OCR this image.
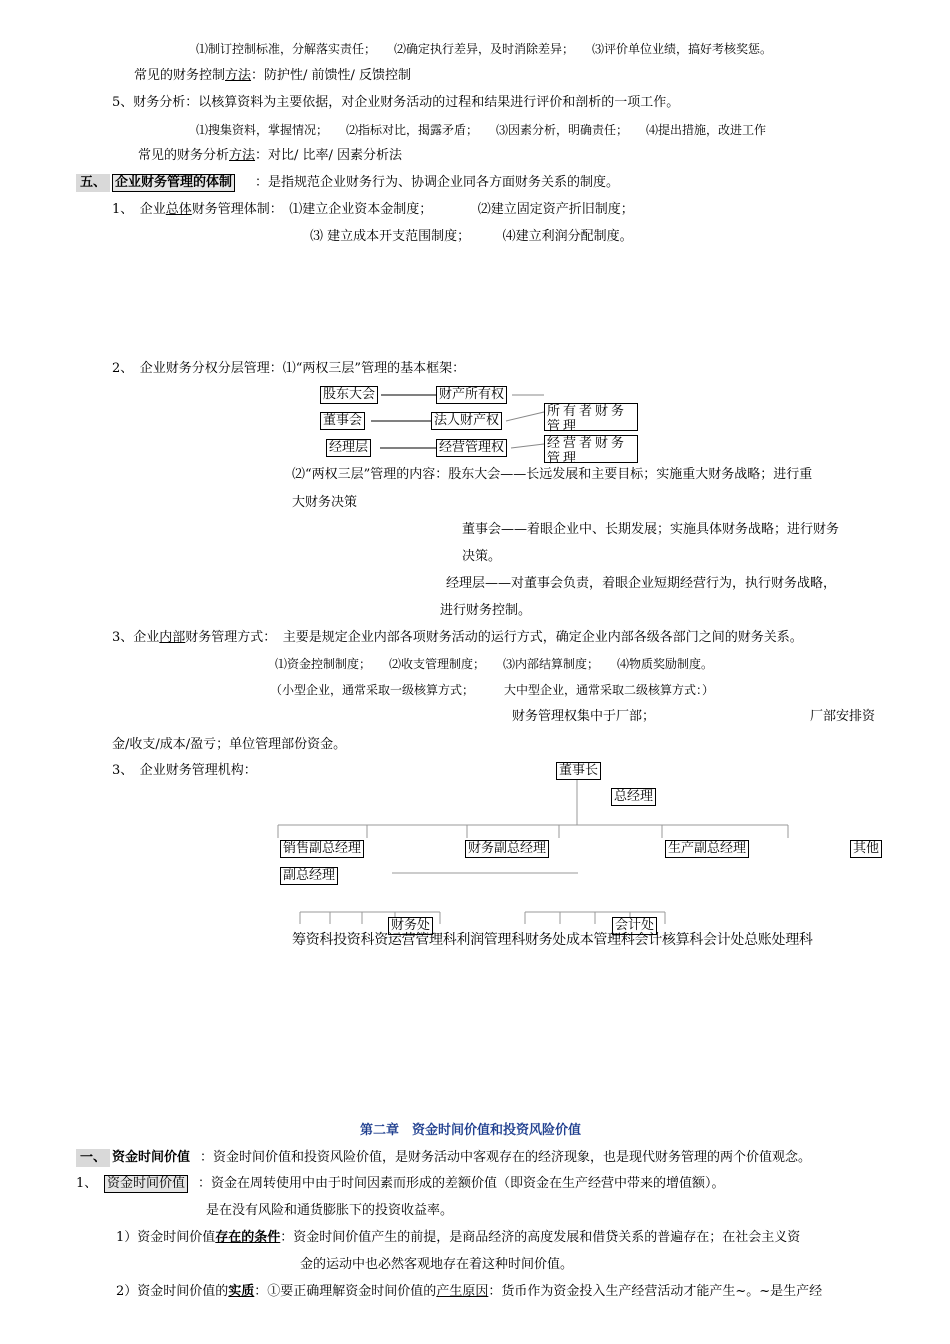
⑴制订控制标准，分解落实责任；　　⑵确定执行差异，及时消除差异；　　⑶评价单位业绩，搞好考核奖惩。
常见的财务控制方法：防护性/ 前馈性/ 反馈控制
5、财务分析：以核算资料为主要依据，对企业财务活动的过程和结果进行评价和剖析的一项工作。
⑴搜集资料，掌握情况；　　⑵指标对比，揭露矛盾；　　⑶因素分析，明确责任；　　⑷提出措施，改进工作
常见的财务分析方法：对比/ 比率/ 因素分析法
五、 企业财务管理的体制 ：是指规范企业财务行为、协调企业同各方面财务关系的制度。
1、　企业总体财务管理体制：　⑴建立企业资本金制度；　　　　⑵建立固定资产折旧制度；
⑶ 建立成本开支范围制度；　　　⑷建立利润分配制度。
2、　企业财务分权分层管理：⑴“两权三层”管理的基本框架：
股东大会	财产所有权
董事会	法人财产权
经理层	经营管理权
所有者财务管理
经营者财务管理
⑵“两权三层”管理的内容：股东大会——长远发展和主要目标；实施重大财务战略；进行重
大财务决策
董事会——着眼企业中、长期发展；实施具体财务战略；进行财务
决策。
经理层——对董事会负责，着眼企业短期经营行为，执行财务战略，
进行财务控制。
3、企业内部财务管理方式：　主要是规定企业内部各项财务活动的运行方式，确定企业内部各级各部门之间的财务关系。
⑴资金控制制度；　　⑵收支管理制度；　　⑶内部结算制度；　　⑷物质奖励制度。
（小型企业，通常采取一级核算方式；　　　大中型企业，通常采取二级核算方式：）
财务管理权集中于厂部；	厂部安排资
金/收支/成本/盈亏；单位管理部份资金。
3、　企业财务管理机构：	董事长
总经理
销售副总经理	财务副总经理	生产副总经理	其他
副总经理
财务处	会计处
筹资科投资科资运营管理科利润管理科财务处成本管理科会计核算科会计处总账处理科
第二章　资金时间价值和投资风险价值
一、 资金时间价值 ：资金时间价值和投资风险价值，是财务活动中客观存在的经济现象，也是现代财务管理的两个价值观念。
1、 资金时间价值 ：资金在周转使用中由于时间因素而形成的差额价值（即资金在生产经营中带来的增值额）。
是在没有风险和通货膨胀下的投资收益率。
1）资金时间价值存在的条件：资金时间价值产生的前提，是商品经济的高度发展和借贷关系的普遍存在；在社会主义资
金的运动中也必然客观地存在着这种时间价值。
2）资金时间价值的实质：①要正确理解资金时间价值的产生原因：货币作为资金投入生产经营活动才能产生~。~是生产经
